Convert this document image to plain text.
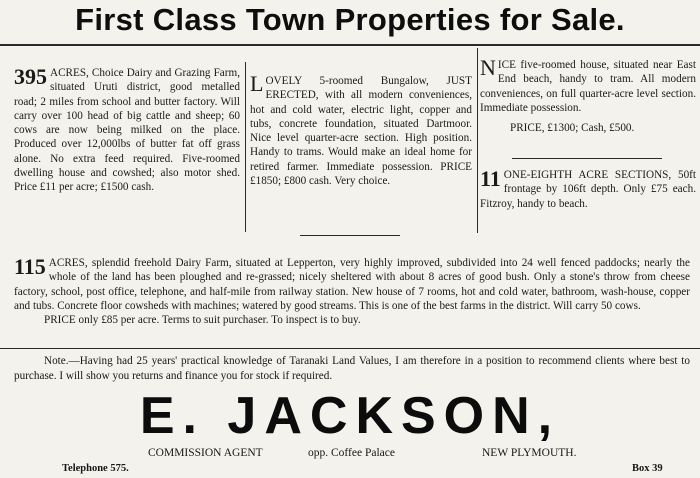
First Class Town Properties for Sale.

395 ACRES, Choice Dairy and Grazing Farm, situated Uruti district, good metalled road; 2 miles from school and butter factory. Will carry over 100 head of big cattle and sheep; 60 cows are now being milked on the place. Produced over 12,000lbs of butter fat off grass alone. No extra feed required. Five-roomed dwelling house and cowshed; also motor shed. Price £11 per acre; £1500 cash.

L OVELY 5-roomed Bungalow, JUST ERECTED, with all modern conveniences, hot and cold water, electric light, copper and tubs, concrete foundation, situated Dartmoor. Nice level quarter-acre section. High position. Handy to trams. Would make an ideal home for retired farmer. Immediate possession. PRICE £1850; £800 cash. Very choice.

N ICE five-roomed house, situated near East End beach, handy to tram. All modern conveniences, on full quarter-acre level section. Immediate possession.

PRICE, £1300; Cash, £500.

11 ONE-EIGHTH ACRE SECTIONS, 50ft frontage by 106ft depth. Only £75 each. Fitzroy, handy to beach.

115 ACRES, splendid freehold Dairy Farm, situated at Lepperton, very highly improved, subdivided into 24 well fenced paddocks; nearly the whole of the land has been ploughed and re-grassed; nicely sheltered with about 8 acres of good bush. Only a stone's throw from cheese factory, school, post office, telephone, and half-mile from railway station. New house of 7 rooms, hot and cold water, bathroom, wash-house, copper and tubs. Concrete floor cowsheds with machines; watered by good streams. This is one of the best farms in the district. Will carry 50 cows.

PRICE only £85 per acre. Terms to suit purchaser. To inspect is to buy.

Note.—Having had 25 years' practical knowledge of Taranaki Land Values, I am therefore in a position to recommend clients where best to purchase. I will show you returns and finance you for stock if required.

E. JACKSON,
COMMISSION AGENT	opp. Coffee Palace	NEW PLYMOUTH.
Telephone 575.	Box 39
